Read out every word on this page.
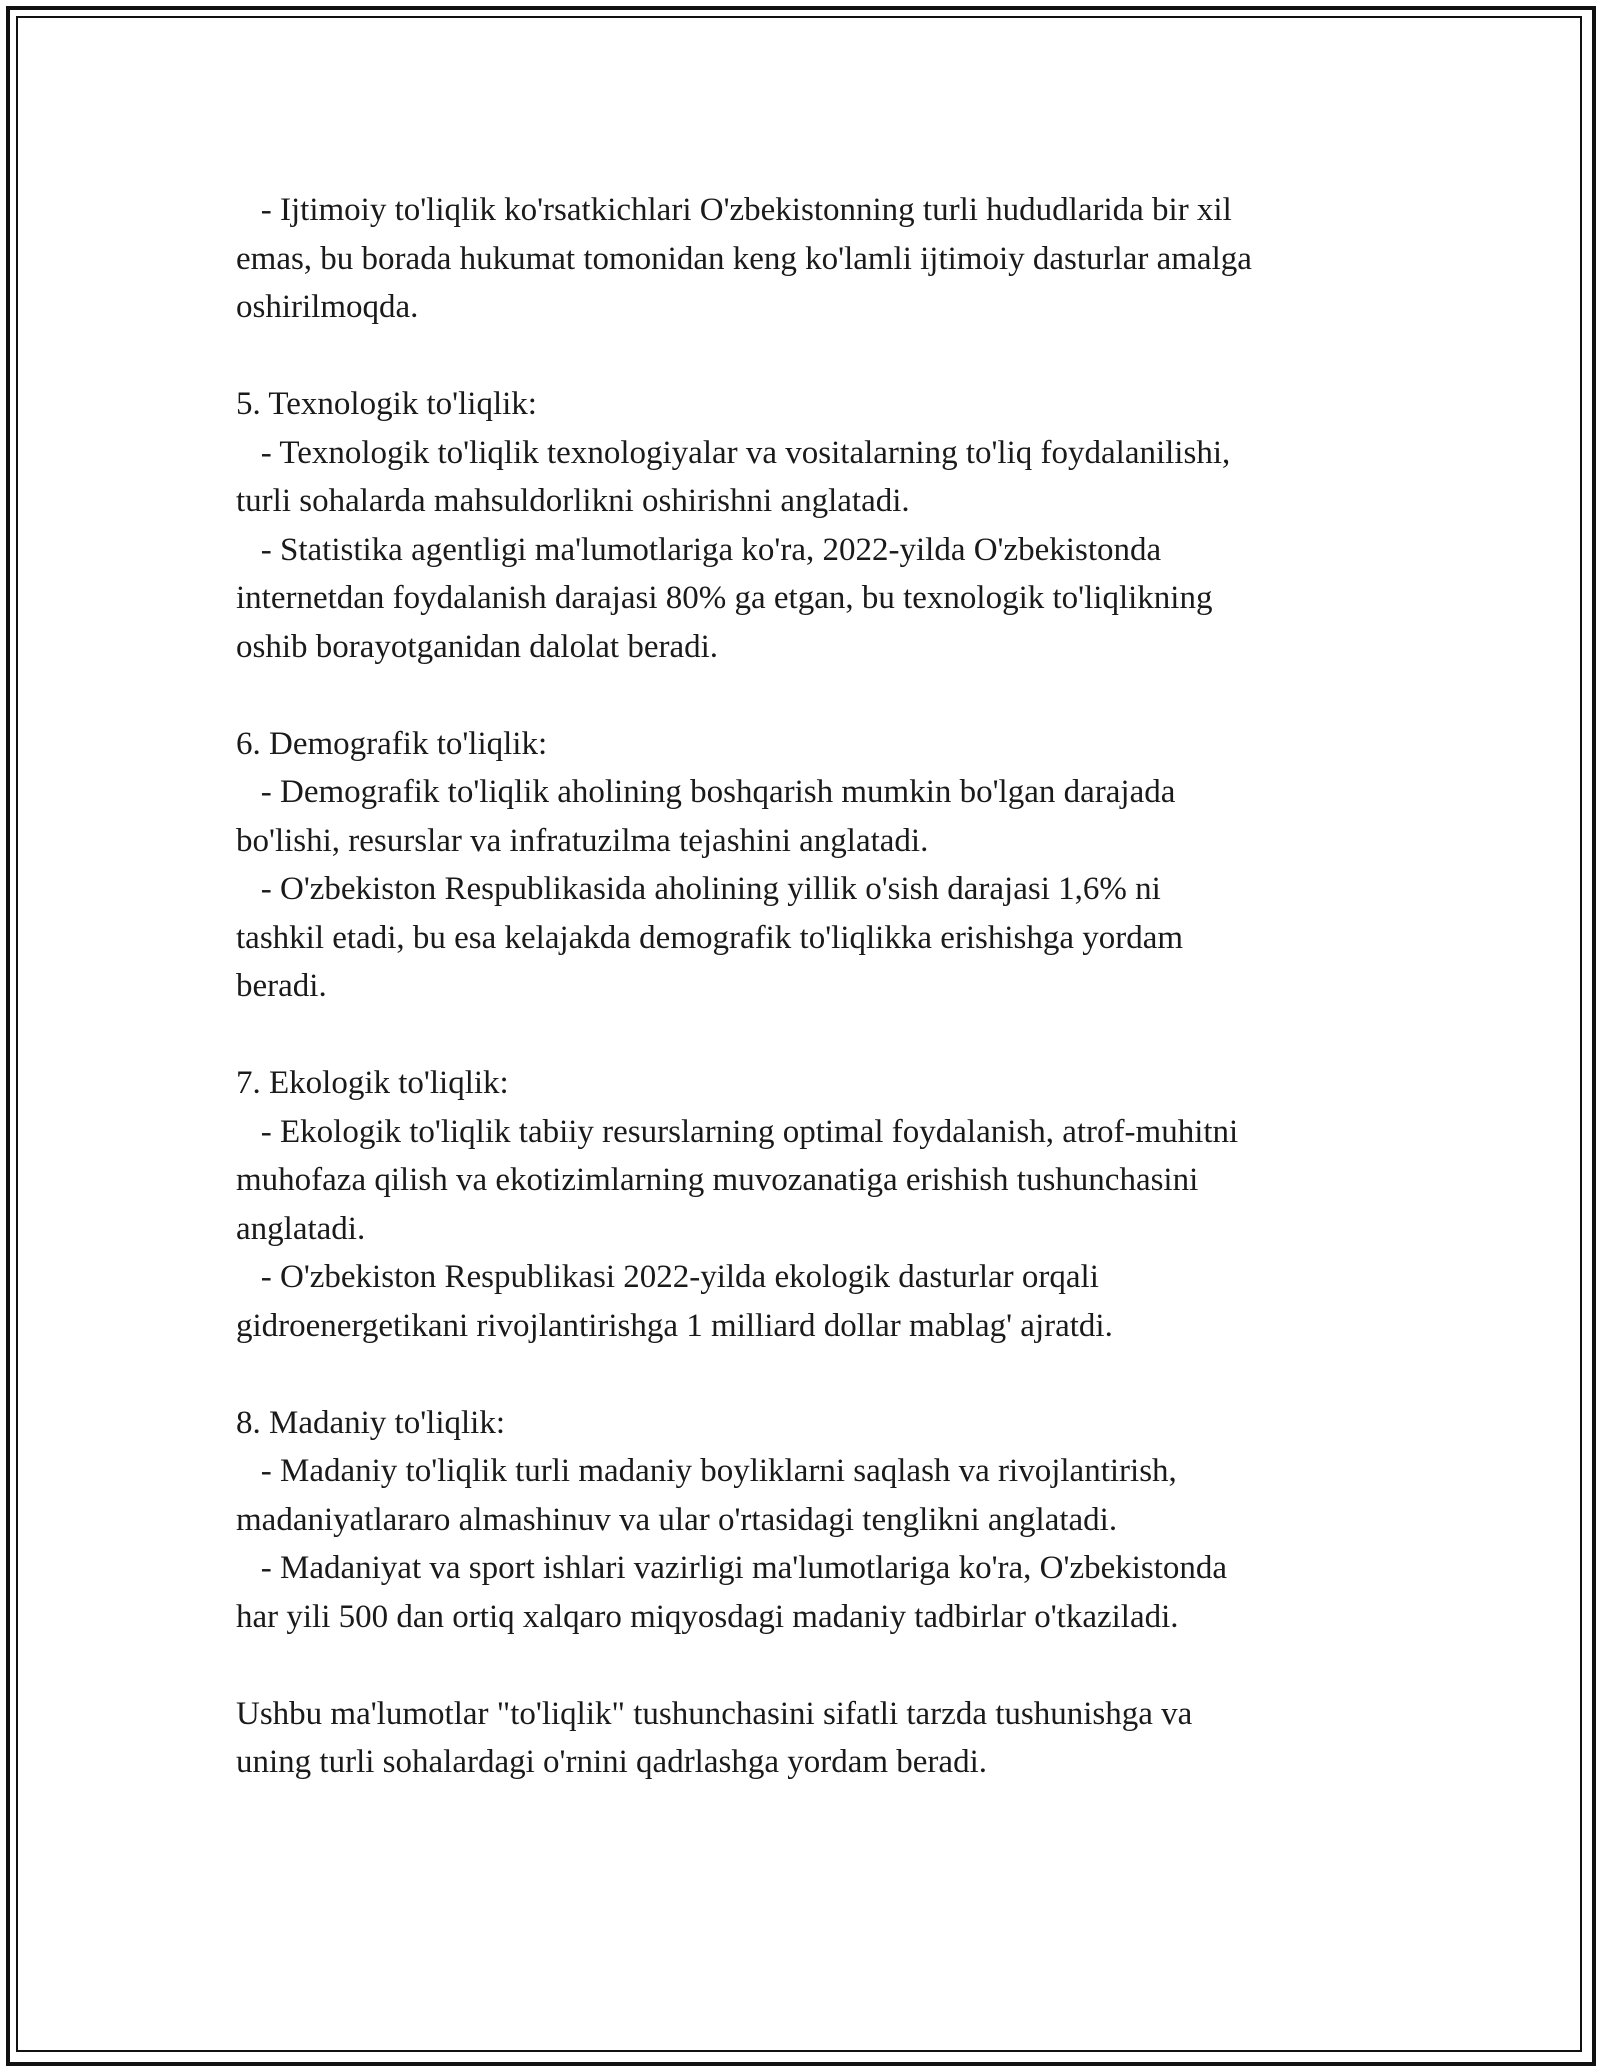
- Ijtimoiy to'liqlik ko'rsatkichlari O'zbekistonning turli hududlarida bir xil
emas, bu borada hukumat tomonidan keng ko'lamli ijtimoiy dasturlar amalga
oshirilmoqda.
5. Texnologik to'liqlik:
- Texnologik to'liqlik texnologiyalar va vositalarning to'liq foydalanilishi,
turli sohalarda mahsuldorlikni oshirishni anglatadi.
- Statistika agentligi ma'lumotlariga ko'ra, 2022-yilda O'zbekistonda
internetdan foydalanish darajasi 80% ga etgan, bu texnologik to'liqlikning
oshib borayotganidan dalolat beradi.
6. Demografik to'liqlik:
- Demografik to'liqlik aholining boshqarish mumkin bo'lgan darajada
bo'lishi, resurslar va infratuzilma tejashini anglatadi.
- O'zbekiston Respublikasida aholining yillik o'sish darajasi 1,6% ni
tashkil etadi, bu esa kelajakda demografik to'liqlikka erishishga yordam
beradi.
7. Ekologik to'liqlik:
- Ekologik to'liqlik tabiiy resurslarning optimal foydalanish, atrof-muhitni
muhofaza qilish va ekotizimlarning muvozanatiga erishish tushunchasini
anglatadi.
- O'zbekiston Respublikasi 2022-yilda ekologik dasturlar orqali
gidroenergetikani rivojlantirishga 1 milliard dollar mablag' ajratdi.
8. Madaniy to'liqlik:
- Madaniy to'liqlik turli madaniy boyliklarni saqlash va rivojlantirish,
madaniyatlararo almashinuv va ular o'rtasidagi tenglikni anglatadi.
- Madaniyat va sport ishlari vazirligi ma'lumotlariga ko'ra, O'zbekistonda
har yili 500 dan ortiq xalqaro miqyosdagi madaniy tadbirlar o'tkaziladi.
Ushbu ma'lumotlar "to'liqlik" tushunchasini sifatli tarzda tushunishga va
uning turli sohalardagi o'rnini qadrlashga yordam beradi.
